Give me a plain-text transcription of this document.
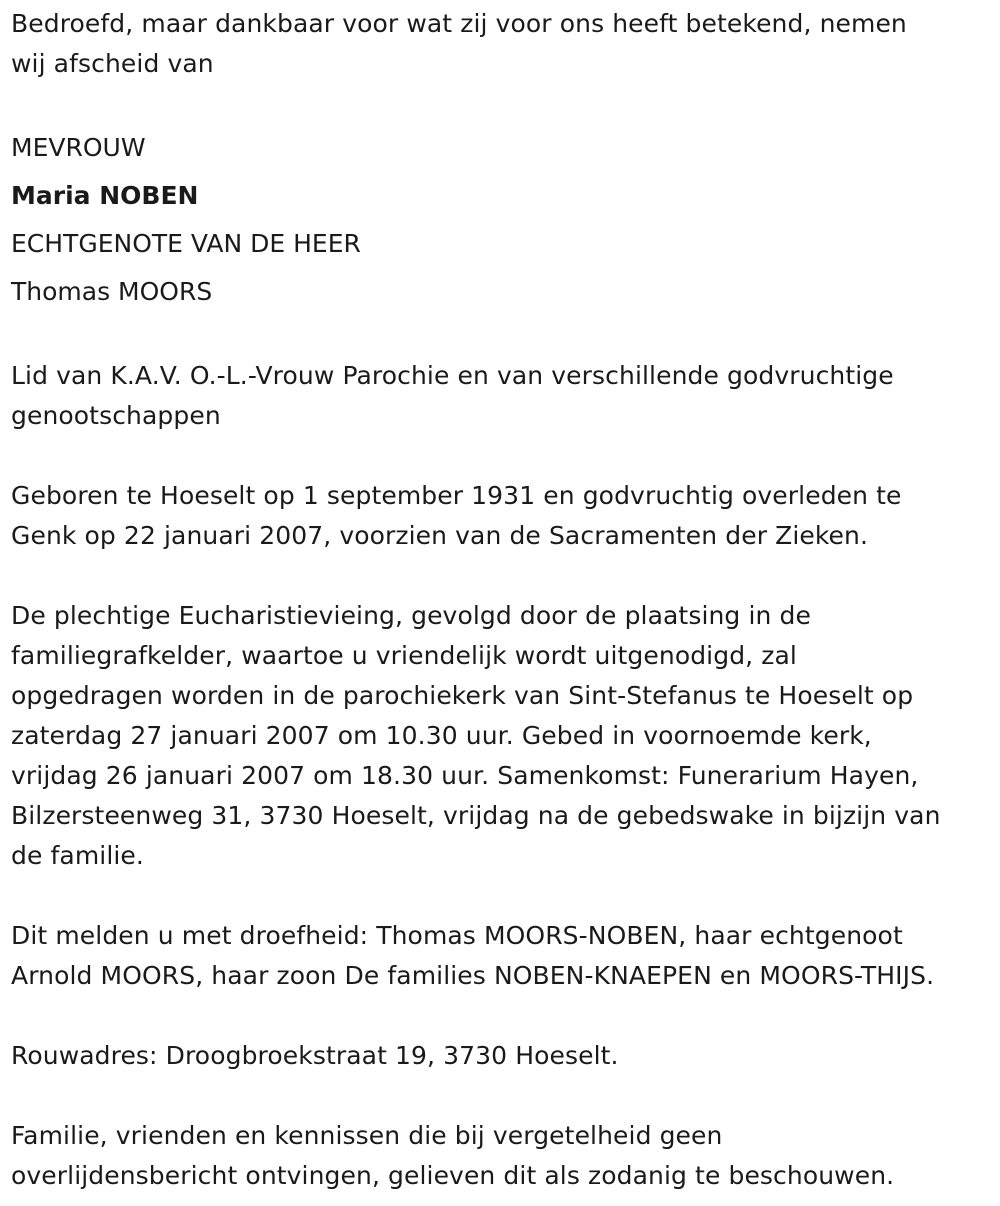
Bedroefd, maar dankbaar voor wat zij voor ons heeft betekend, nemen
wij afscheid van

MEVROUW

Maria NOBEN

ECHTGENOTE VAN DE HEER

Thomas MOORS

Lid van K.A.V. O.-L.-Vrouw Parochie en van verschillende godvruchtige
genootschappen

Geboren te Hoeselt op 1 september 1931 en godvruchtig overleden te
Genk op 22 januari 2007, voorzien van de Sacramenten der Zieken.

De plechtige Eucharistievieing, gevolgd door de plaatsing in de
familiegrafkelder, waartoe u vriendelijk wordt uitgenodigd, zal
opgedragen worden in de parochiekerk van Sint-Stefanus te Hoeselt op
zaterdag 27 januari 2007 om 10.30 uur. Gebed in voornoemde kerk,
vrijdag 26 januari 2007 om 18.30 uur. Samenkomst: Funerarium Hayen,
Bilzersteenweg 31, 3730 Hoeselt, vrijdag na de gebedswake in bijzijn van
de familie.

Dit melden u met droefheid: Thomas MOORS-NOBEN, haar echtgenoot
Arnold MOORS, haar zoon De families NOBEN-KNAEPEN en MOORS-THIJS.

Rouwadres: Droogbroekstraat 19, 3730 Hoeselt.

Familie, vrienden en kennissen die bij vergetelheid geen
overlijdensbericht ontvingen, gelieven dit als zodanig te beschouwen.
